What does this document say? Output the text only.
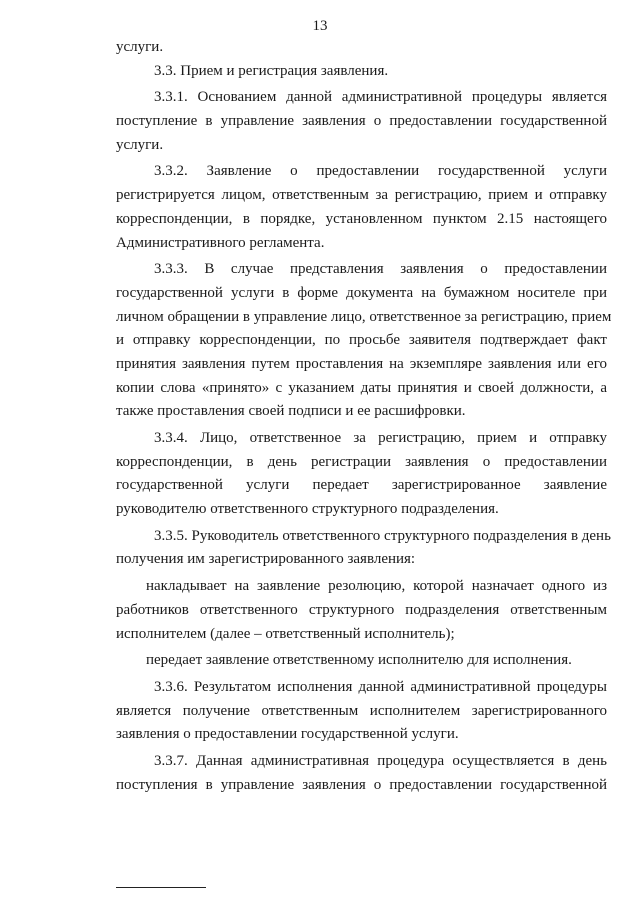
13
услуги.
3.3. Прием и регистрация заявления.
3.3.1. Основанием данной административной процедуры является
поступление в управление заявления о предоставлении государственной
услуги.
3.3.2. Заявление о предоставлении государственной услуги
регистрируется лицом, ответственным за регистрацию, прием и отправку
корреспонденции, в порядке, установленном пунктом 2.15 настоящего
Административного регламента.
3.3.3. В случае представления заявления о предоставлении
государственной услуги в форме документа на бумажном носителе при
личном обращении в управление лицо, ответственное за регистрацию, прием
и отправку корреспонденции, по просьбе заявителя подтверждает факт
принятия заявления путем проставления на экземпляре заявления или его
копии слова «принято» с указанием даты принятия и своей должности, а
также проставления своей подписи и ее расшифровки.
3.3.4. Лицо, ответственное за регистрацию, прием и отправку
корреспонденции, в день регистрации заявления о предоставлении
государственной услуги передает зарегистрированное заявление
руководителю ответственного структурного подразделения.
3.3.5. Руководитель ответственного структурного подразделения в день
получения им зарегистрированного заявления:
накладывает на заявление резолюцию, которой назначает одного из
работников ответственного структурного подразделения ответственным
исполнителем (далее – ответственный исполнитель);
передает заявление ответственному исполнителю для исполнения.
3.3.6. Результатом исполнения данной административной процедуры
является получение ответственным исполнителем зарегистрированного
заявления о предоставлении государственной услуги.
3.3.7. Данная административная процедура осуществляется в день
поступления в управление заявления о предоставлении государственной
